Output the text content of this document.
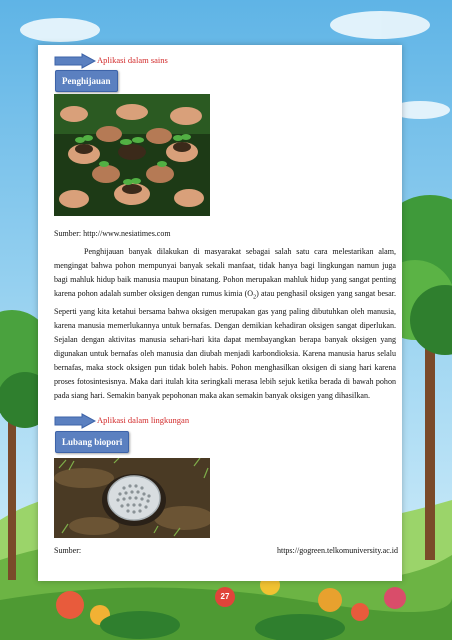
Aplikasi dalam sains
Penghijauan
Sumber: http://www.nesiatimes.com

Penghijauan banyak dilakukan di masyarakat sebagai salah satu cara melestarikan alam, mengingat bahwa pohon mempunyai banyak sekali manfaat, tidak hanya bagi lingkungan namun juga bagi mahluk hidup baik manusia maupun binatang. Pohon merupakan mahluk hidup yang sangat penting karena pohon adalah sumber oksigen dengan rumus kimia $(O_2)$ atau penghasil oksigen yang sangat besar. Seperti yang kita ketahui bersama bahwa oksigen merupakan gas yang paling dibutuhkan oleh manusia, karena manusia memerlukannya untuk bernafas. Dengan demikian kehadiran oksigen sangat diperlukan. Sejalan dengan aktivitas manusia sehari-hari kita dapat membayangkan berapa banyak oksigen yang digunakan untuk bernafas oleh manusia dan diubah menjadi karbondioksia. Karena manusia harus selalu bernafas, maka stock oksigen pun tidak boleh habis. Pohon menghasilkan oksigen di siang hari karena proses fotosintesisnya. Maka dari itulah kita seringkali merasa lebih sejuk ketika berada di bawah pohon pada siang hari. Semakin banyak pepohonan maka akan semakin banyak oksigen yang dihasilkan.

Aplikasi dalam lingkungan
Lubang biopori
Sumber:	https://gogreen.telkomuniversity.ac.id
27
